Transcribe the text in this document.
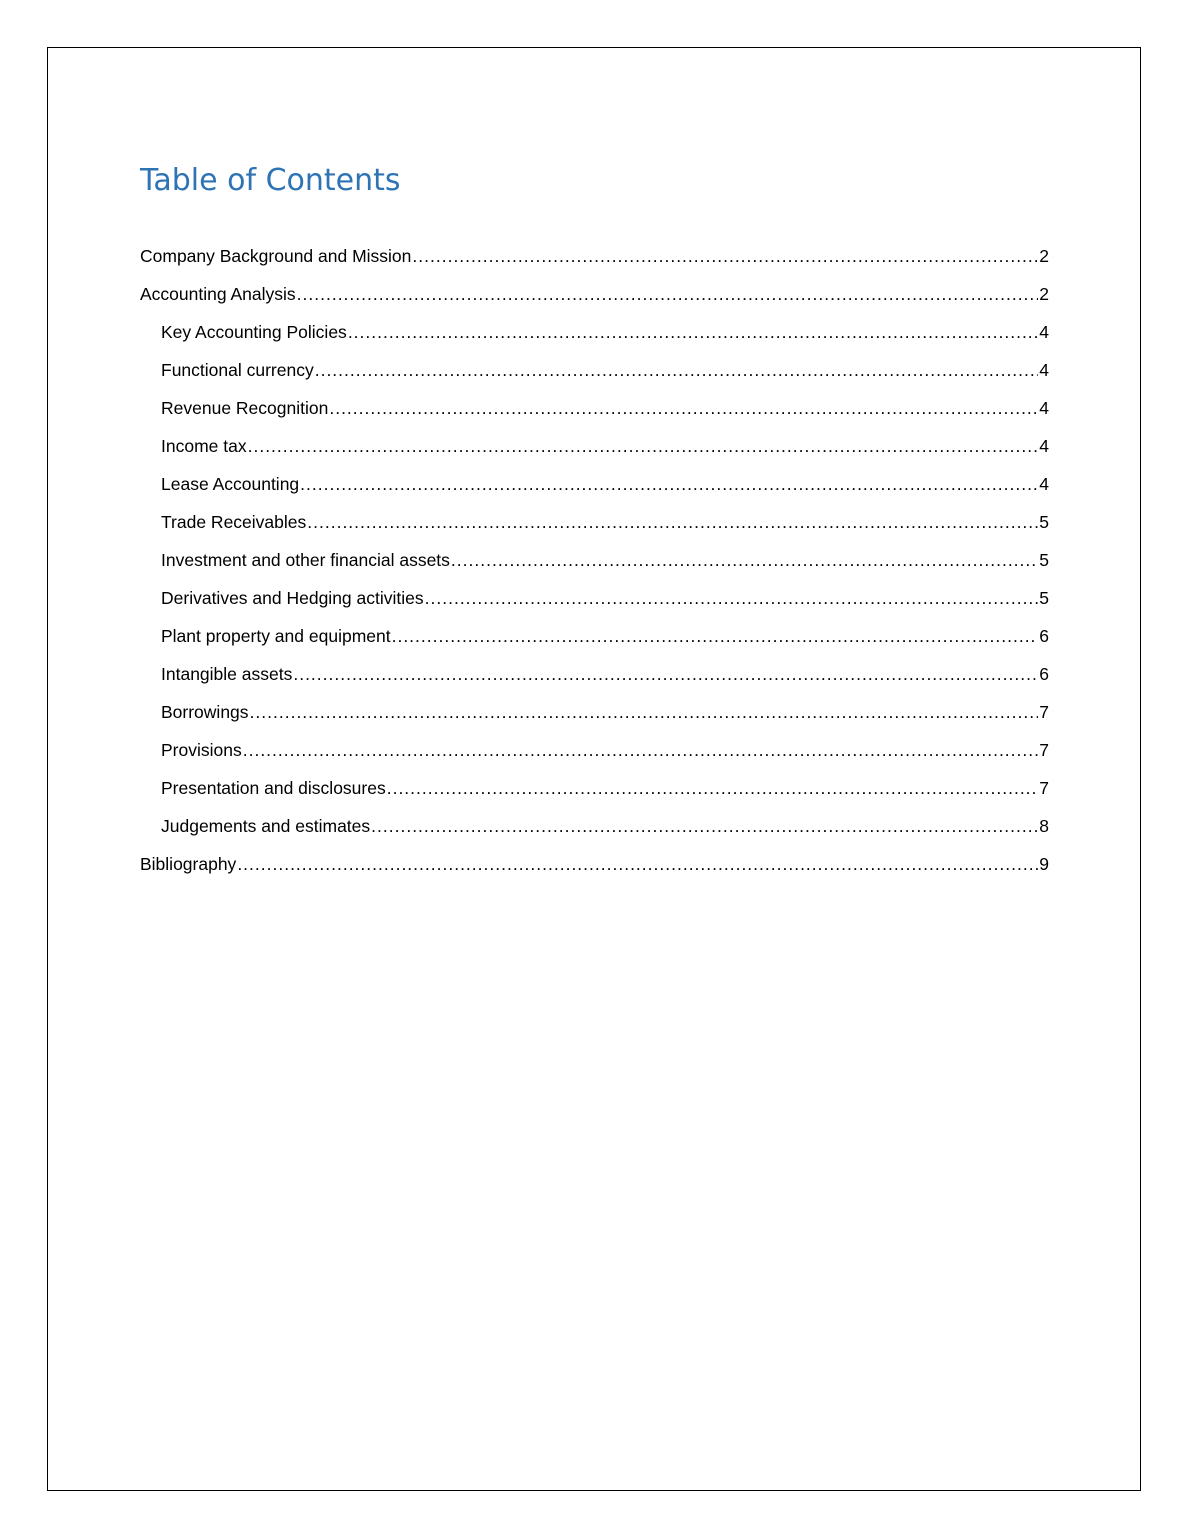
Table of Contents
Company Background and Mission .....	2
Accounting Analysis .....	2
Key Accounting Policies .....	4
Functional currency .....	4
Revenue Recognition .....	4
Income tax .....	4
Lease Accounting .....	4
Trade Receivables .....	5
Investment and other financial assets .....	5
Derivatives and Hedging activities .....	5
Plant property and equipment .....	6
Intangible assets .....	6
Borrowings .....	7
Provisions .....	7
Presentation and disclosures .....	7
Judgements and estimates .....	8
Bibliography .....	9
